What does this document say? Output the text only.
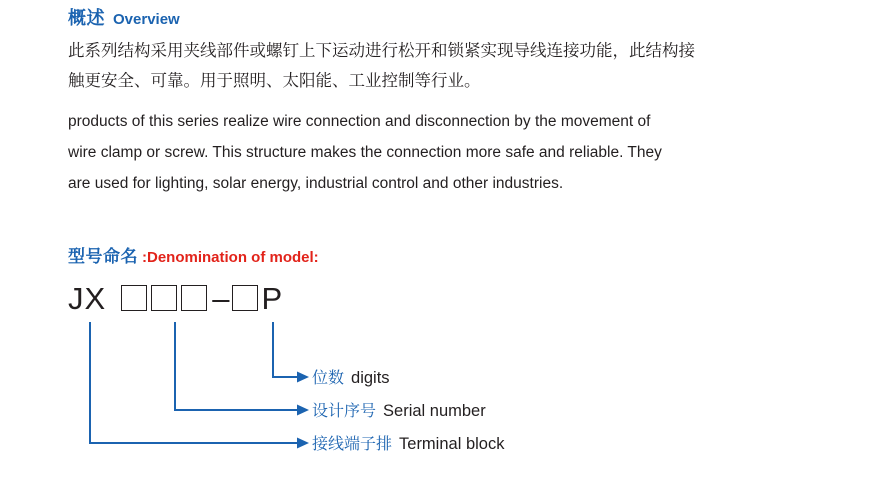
概述 Overview
此系列结构采用夹线部件或螺钉上下运动进行松开和锁紧实现导线连接功能，此结构接
触更安全、可靠。用于照明、太阳能、工业控制等行业。
products of this series realize wire connection and disconnection by the movement of
wire clamp or screw. This structure makes the connection more safe and reliable. They
are used for lighting, solar energy, industrial control and other industries.
型号命名 :Denomination of model:
JX	– P
位数 digits
设计序号 Serial number
接线端子排 Terminal block
